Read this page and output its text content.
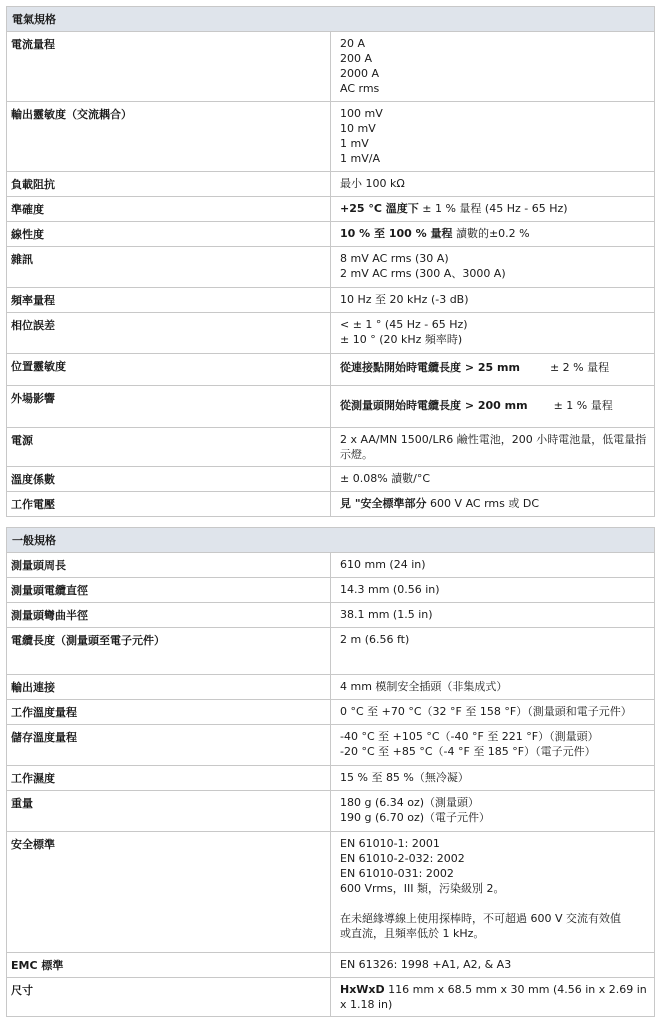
電氣規格	
電流量程	20 A
200 A
2000 A
AC rms

輸出靈敏度（交流耦合）	100 mV
10 mV
1 mV
1 mV/A

負載阻抗	最小 100 kΩ

準確度	+25 °C 溫度下 ± 1 % 量程 (45 Hz - 65 Hz)
線性度	10 % 至 100 % 量程 讀數的±0.2 %
雜訊	8 mV AC rms (30 A)
2 mV AC rms (300 A、3000 A)

頻率量程	10 Hz 至 20 kHz (-3 dB)

相位誤差	< ± 1 ° (45 Hz - 65 Hz)
± 10 ° (20 kHz 頻率時)

位置靈敏度	從連接點開始時電纜長度 > 25 mm ± 2 % 量程
外場影響	從測量頭開始時電纜長度 > 200 mm ± 1 % 量程
電源	2 x AA/MN 1500/LR6 鹼性電池，200 小時電池量，低電量指示燈。

溫度係數	± 0.08% 讀數/°C

工作電壓	見 "安全標準部分 600 V AC rms 或 DC
一般規格	
測量頭周長	610 mm (24 in)

測量頭電纜直徑	14.3 mm (0.56 in)

測量頭彎曲半徑	38.1 mm (1.5 in)

電纜長度（測量頭至電子元件）	2 m (6.56 ft)

輸出連接	4 mm 模制安全插頭（非集成式）

工作溫度量程	0 °C 至 +70 °C（32 °F 至 158 °F）（測量頭和電子元件）

儲存溫度量程	-40 °C 至 +105 °C（-40 °F 至 221 °F）（測量頭）
-20 °C 至 +85 °C（-4 °F 至 185 °F）（電子元件）

工作濕度	15 % 至 85 %（無冷凝）

重量	180 g (6.34 oz)（測量頭）
190 g (6.70 oz)（電子元件）

安全標準	EN 61010-1: 2001
EN 61010-2-032: 2002
EN 61010-031: 2002
600 Vrms，III 類，污染級別 2。
在未絕緣導線上使用探棒時，不可超過 600 V 交流有效值或直流，且頻率低於 1 kHz。

EMC 標準	EN 61326: 1998 +A1, A2, & A3

尺寸	HxWxD 116 mm x 68.5 mm x 30 mm (4.56 in x 2.69 in x 1.18 in)
